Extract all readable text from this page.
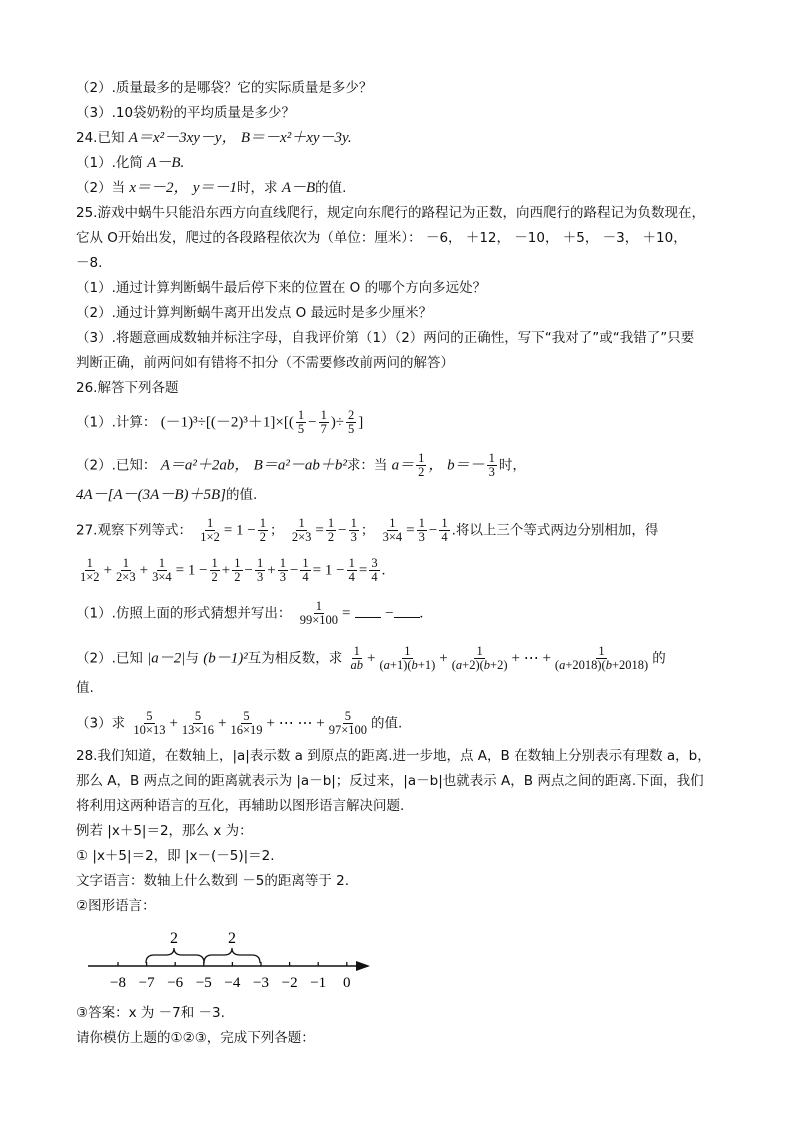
（2）.质量最多的是哪袋？它的实际质量是多少？
（3）.10袋奶粉的平均质量是多少？
24.已知 A＝x²－3xy－y， B＝－x²＋xy－3y.
（1）.化简 A－B.
（2）当 x＝－2， y＝－1时，求 A－B的值.
25.游戏中蜗牛只能沿东西方向直线爬行，规定向东爬行的路程记为正数，向西爬行的路程记为负数现在，
它从 O开始出发，爬过的各段路程依次为（单位：厘米）： －6， ＋12， －10， ＋5， －3， ＋10，
－8.
（1）.通过计算判断蜗牛最后停下来的位置在 O 的哪个方向多远处？
（2）.通过计算判断蜗牛离开出发点 O 最远时是多少厘米？
（3）.将题意画成数轴并标注字母，自我评价第（1）（2）两问的正确性，写下“我对了”或“我错了”只要
判断正确，前两问如有错将不扣分（不需要修改前两问的解答）
26.解答下列各题
（1）.计算： $(-1)^3\div[(-2)^3+1]\times[( \frac{1}{5} - \frac{1}{7}$ )÷ $\frac{2}{5}$ ]
（2）.已知： A＝a²＋2ab， B＝a²－ab＋b²求：当 $a= \frac{1}{2}$ ， $b=- \frac{1}{3}$ 时，
4A－[A－(3A－B)＋5B]的值.
27.观察下列等式： $\frac{1}{1\times 2} = 1 - \frac{1}{2}$ ； $\frac{1}{2\times 3} = \frac{1}{2} - \frac{1}{3}$ ； $\frac{1}{3\times 4} = \frac{1}{3} - \frac{1}{4}$ .将以上三个等式两边分别相加，得
$\frac{1}{1\times 2} + \frac{1}{2\times 3} + \frac{1}{3\times 4} = 1 - \frac{1}{2} + \frac{1}{2} - \frac{1}{3} + \frac{1}{3} - \frac{1}{4} = 1 - \frac{1}{4} = \frac{3}{4}$ .
（1）.仿照上面的形式猜想并写出： $\frac{1}{99\times 100}$ = − .
（2）.已知 |a－2|与 (b－1)²互为相反数，求 $\frac{1}{ab} + \frac{1}{(a+1)(b+1)} + \frac{1}{(a+2)(b+2)}$ + ⋯ + $\frac{1}{(a+2018)(b+2018)}$ 的
值.
（3）求 $\frac{5}{10\times 13} + \frac{5}{13\times 16} + \frac{5}{16\times 19}$ + ⋯ ⋯ + $\frac{5}{97\times 100}$ 的值.
28.我们知道，在数轴上，|a|表示数 a 到原点的距离.进一步地，点 A，B 在数轴上分别表示有理数 a，b，
那么 A，B 两点之间的距离就表示为 |a－b|；反过来，|a－b|也就表示 A，B 两点之间的距离.下面，我们
将利用这两种语言的互化，再辅助以图形语言解决问题.
例若 |x＋5|＝2，那么 x 为：
① |x＋5|＝2，即 |x－(－5)|＝2.
文字语言：数轴上什么数到 －5的距离等于 2.
②图形语言：
−8 −7 −6 −5 −4 −3 −2 −1 0
2	2
③答案：x 为 －7和 －3.
请你模仿上题的①②③，完成下列各题：
